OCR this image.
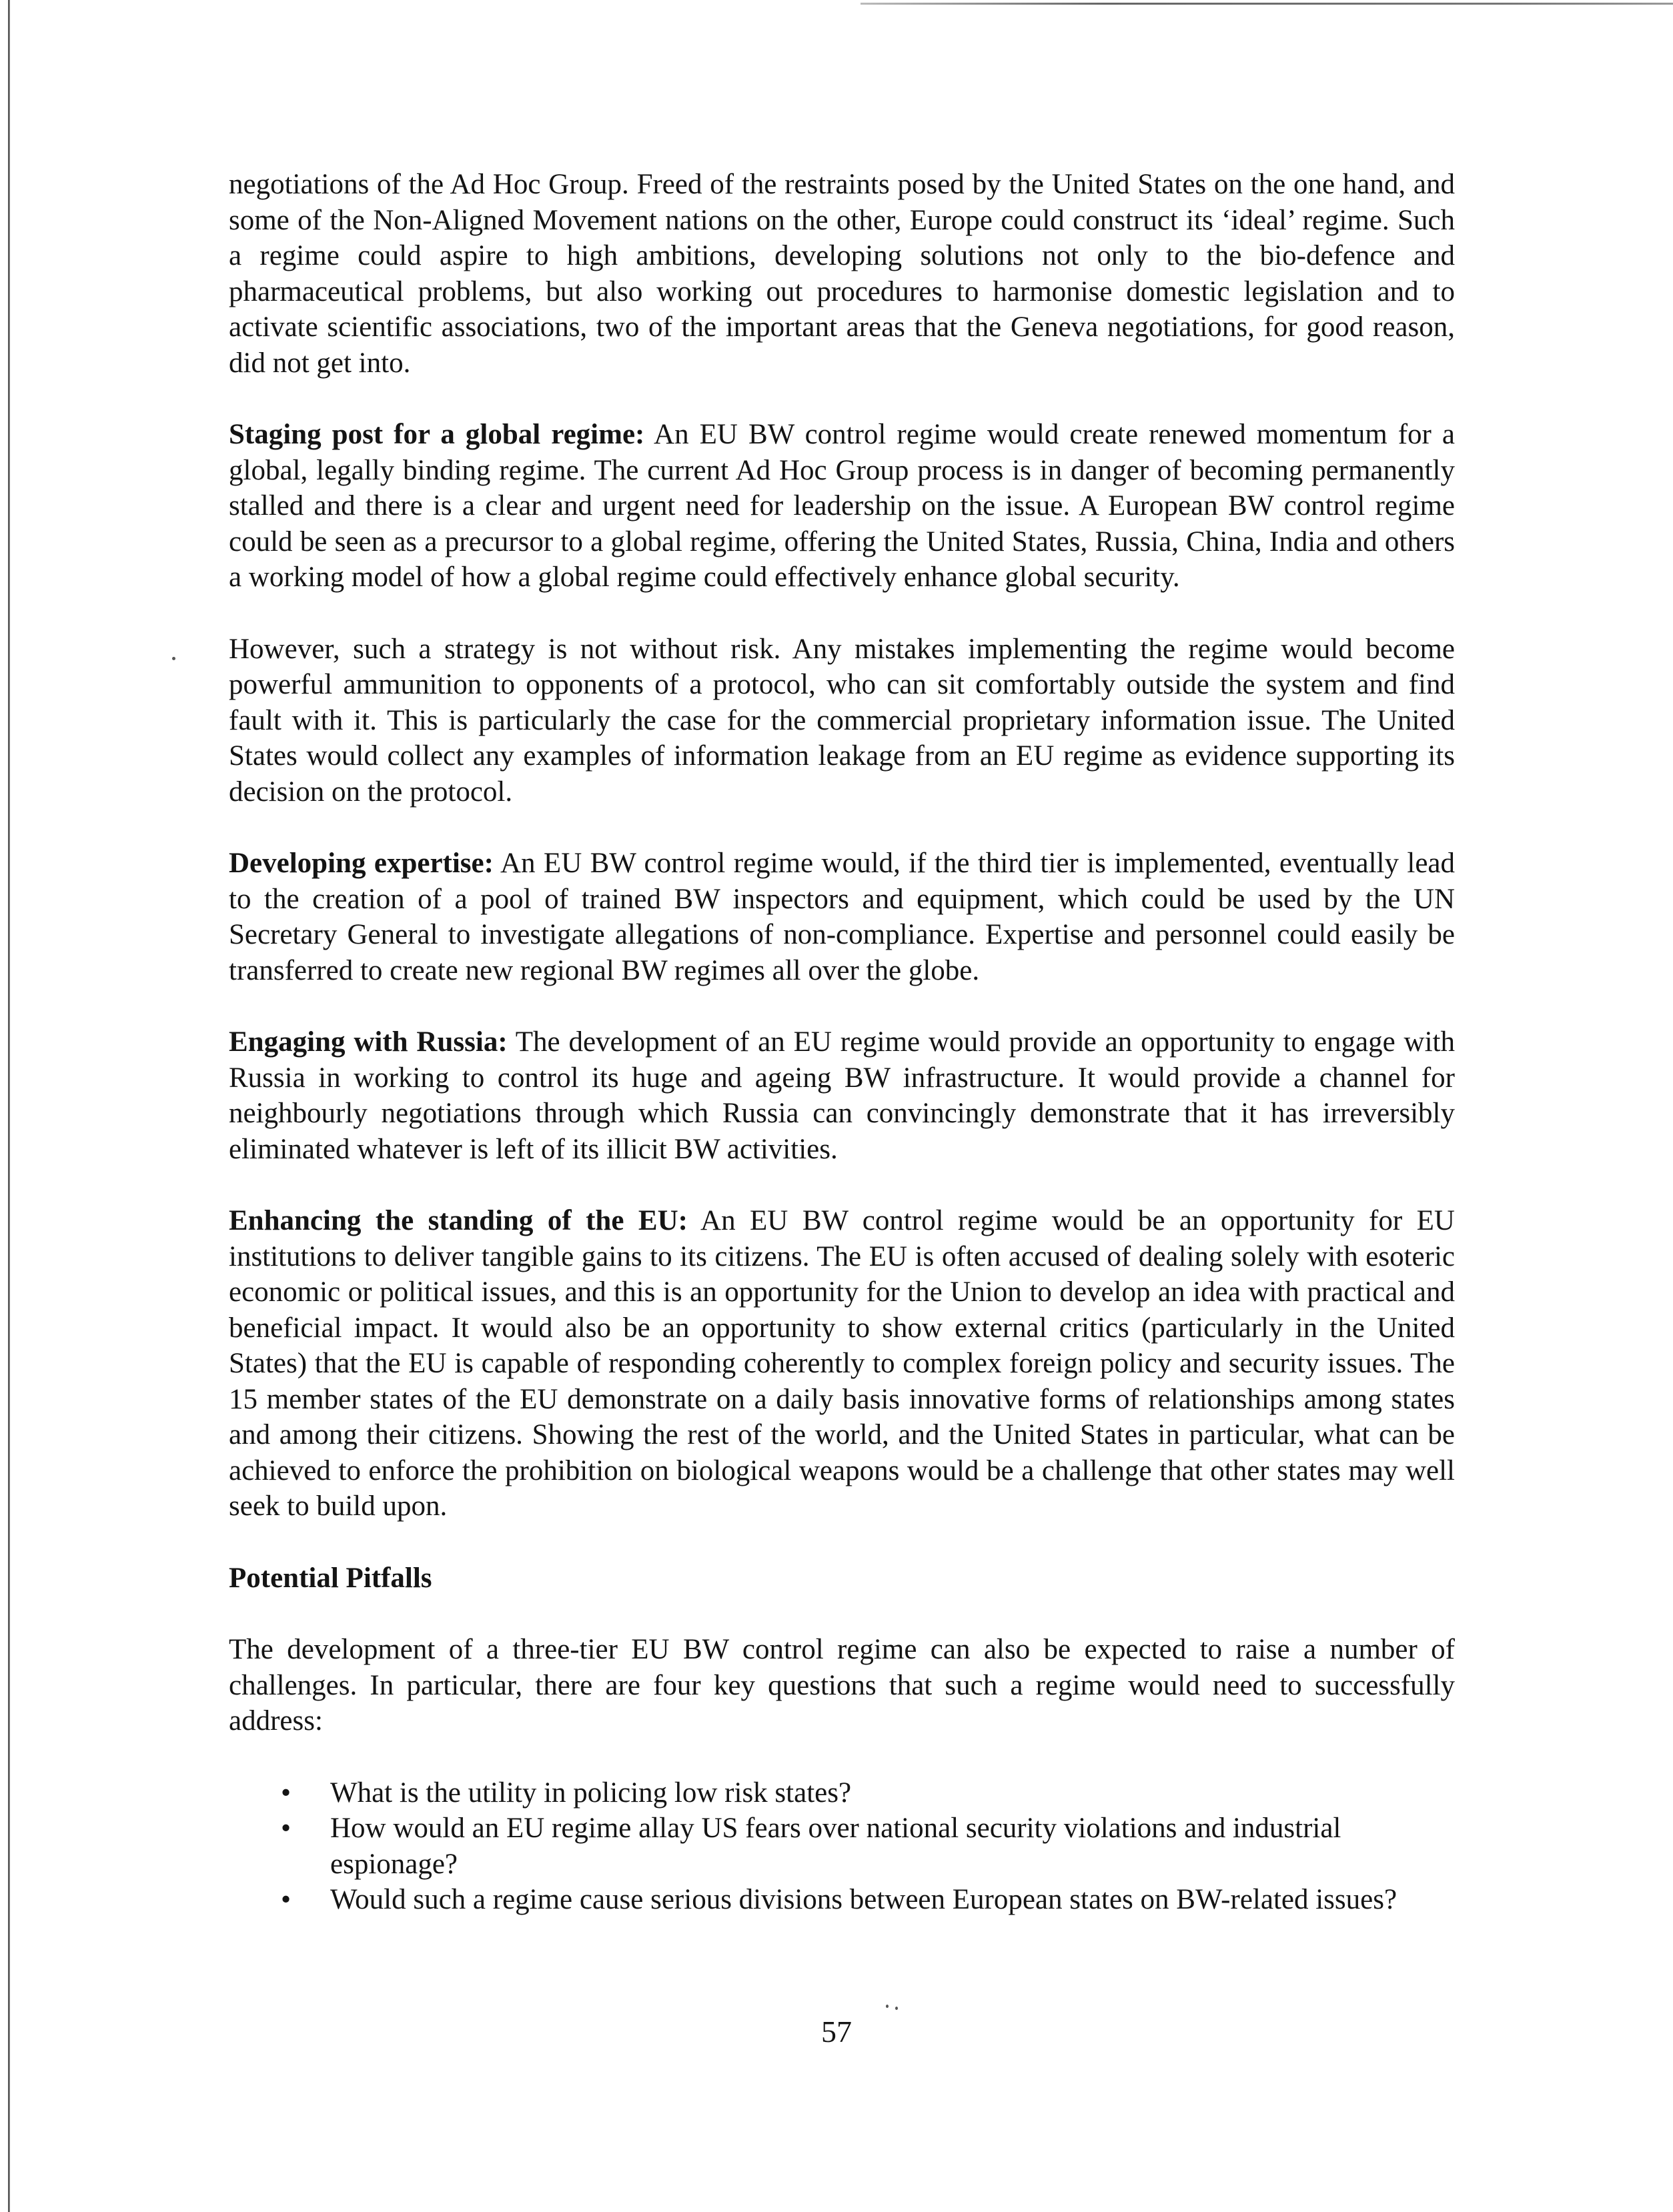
negotiations of the Ad Hoc Group. Freed of the restraints posed by the United States on the one hand, and some of the Non-Aligned Movement nations on the other, Europe could construct its ‘ideal’ regime. Such a regime could aspire to high ambitions, developing solutions not only to the bio-defence and pharmaceutical problems, but also working out procedures to harmonise domestic legislation and to activate scientific associations, two of the important areas that the Geneva negotiations, for good reason, did not get into.

Staging post for a global regime: An EU BW control regime would create renewed momentum for a global, legally binding regime. The current Ad Hoc Group process is in danger of becoming permanently stalled and there is a clear and urgent need for leadership on the issue. A European BW control regime could be seen as a precursor to a global regime, offering the United States, Russia, China, India and others a working model of how a global regime could effectively enhance global security.

However, such a strategy is not without risk. Any mistakes implementing the regime would become powerful ammunition to opponents of a protocol, who can sit comfortably outside the system and find fault with it. This is particularly the case for the commercial proprietary information issue. The United States would collect any examples of information leakage from an EU regime as evidence supporting its decision on the protocol.

Developing expertise: An EU BW control regime would, if the third tier is implemented, eventually lead to the creation of a pool of trained BW inspectors and equipment, which could be used by the UN Secretary General to investigate allegations of non-compliance. Expertise and personnel could easily be transferred to create new regional BW regimes all over the globe.

Engaging with Russia: The development of an EU regime would provide an opportunity to engage with Russia in working to control its huge and ageing BW infrastructure. It would provide a channel for neighbourly negotiations through which Russia can convincingly demonstrate that it has irreversibly eliminated whatever is left of its illicit BW activities.

Enhancing the standing of the EU: An EU BW control regime would be an opportunity for EU institutions to deliver tangible gains to its citizens. The EU is often accused of dealing solely with esoteric economic or political issues, and this is an opportunity for the Union to develop an idea with practical and beneficial impact. It would also be an opportunity to show external critics (particularly in the United States) that the EU is capable of responding coherently to complex foreign policy and security issues. The 15 member states of the EU demonstrate on a daily basis innovative forms of relationships among states and among their citizens. Showing the rest of the world, and the United States in particular, what can be achieved to enforce the prohibition on biological weapons would be a challenge that other states may well seek to build upon.

Potential Pitfalls

The development of a three-tier EU BW control regime can also be expected to raise a number of challenges. In particular, there are four key questions that such a regime would need to successfully address:

• What is the utility in policing low risk states?
• How would an EU regime allay US fears over national security violations and industrial espionage?
• Would such a regime cause serious divisions between European states on BW-related issues?
57
